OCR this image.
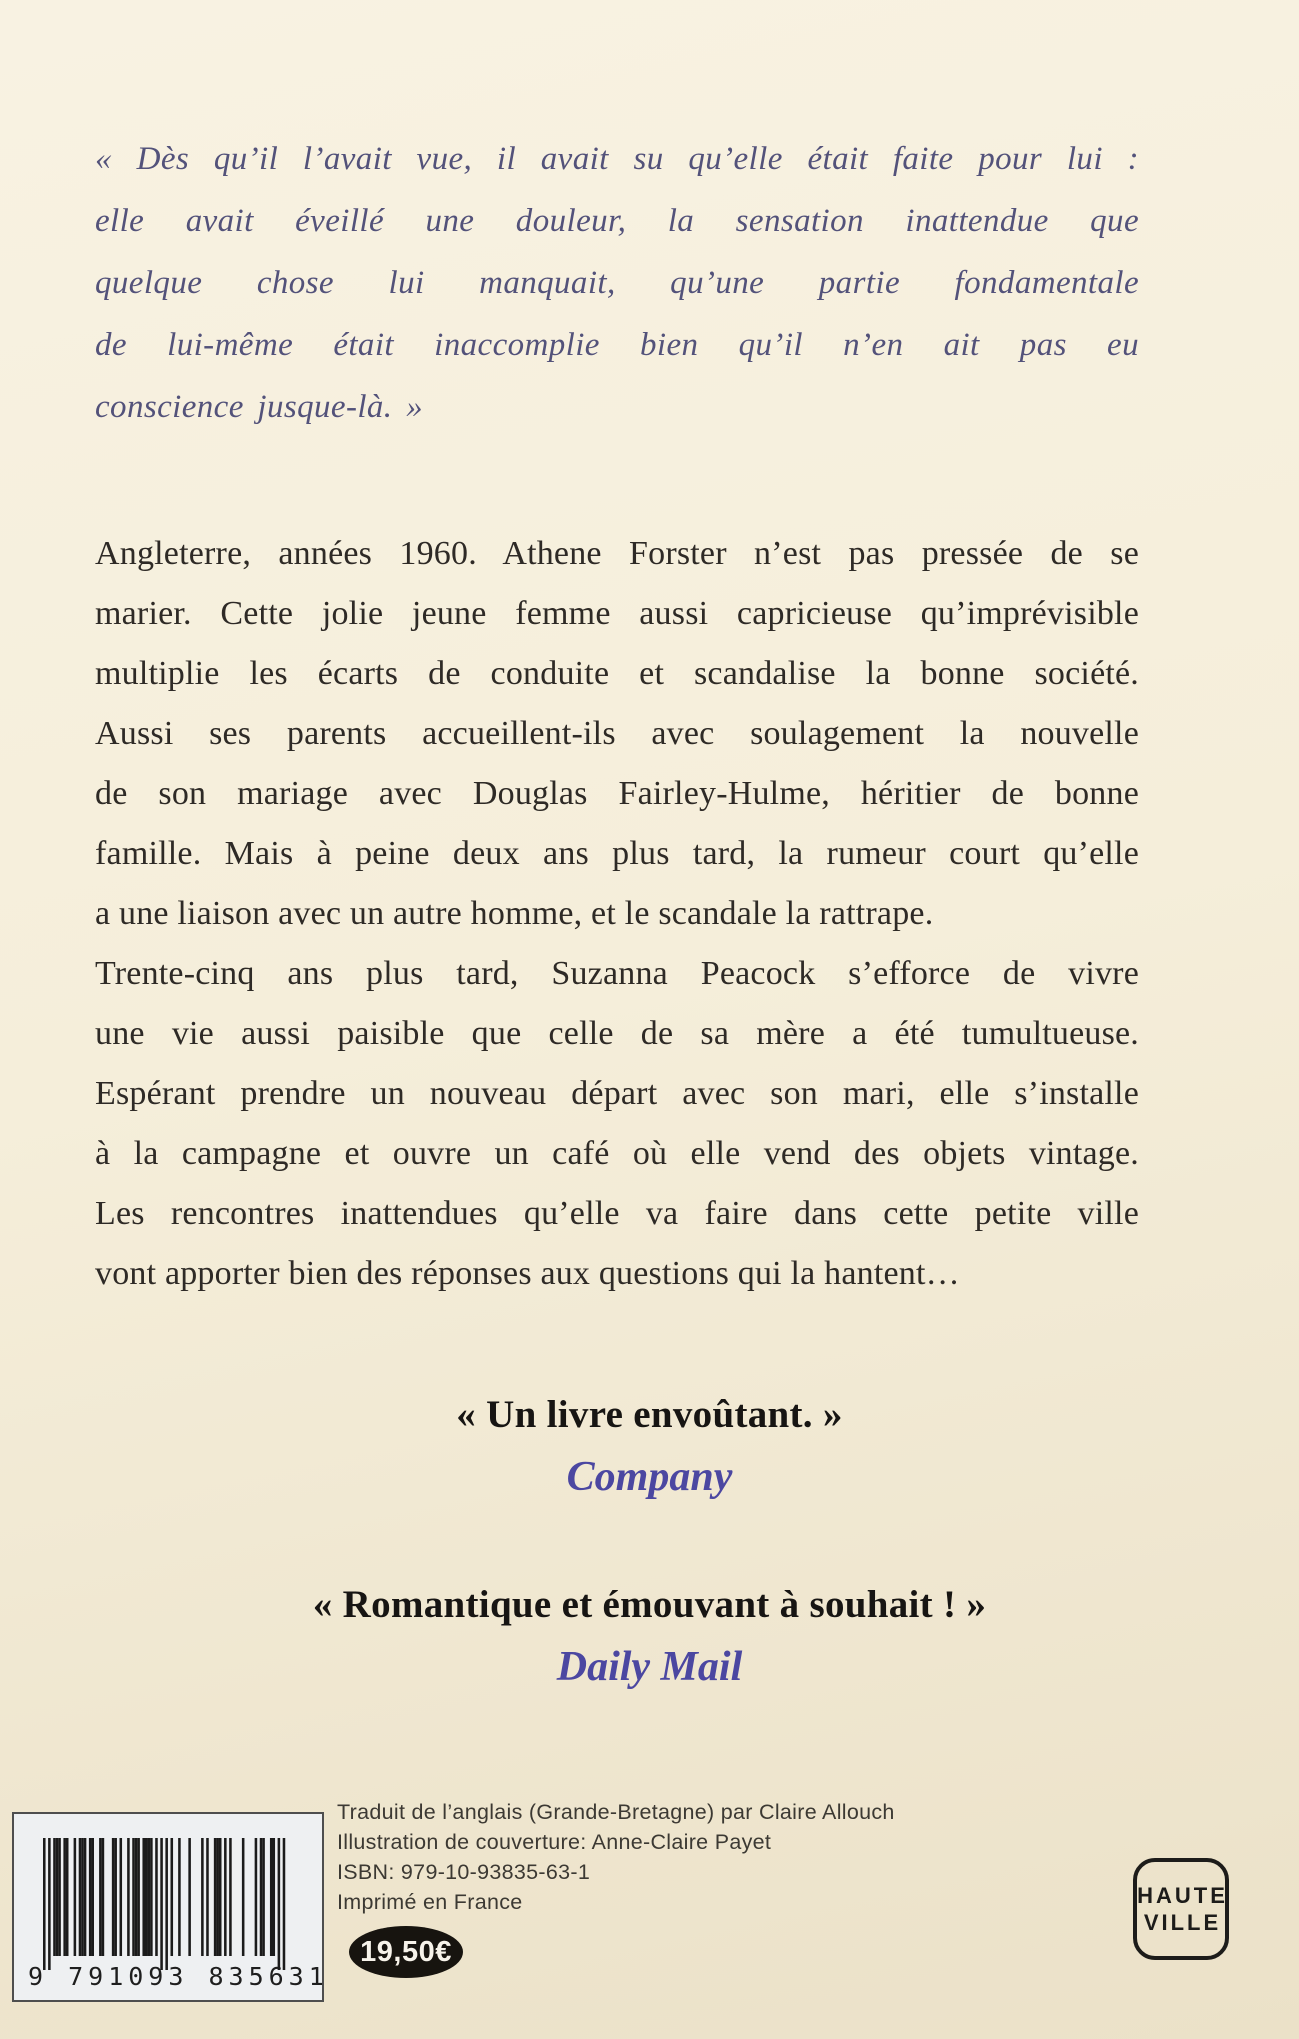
« Dès qu’il l’avait vue, il avait su qu’elle était faite pour lui :
elle avait éveillé une douleur, la sensation inattendue que
quelque chose lui manquait, qu’une partie fondamentale
de lui-même était inaccomplie bien qu’il n’en ait pas eu
conscience jusque-là. »
Angleterre, années 1960. Athene Forster n’est pas pressée de se
marier. Cette jolie jeune femme aussi capricieuse qu’imprévisible
multiplie les écarts de conduite et scandalise la bonne société.
Aussi ses parents accueillent-ils avec soulagement la nouvelle
de son mariage avec Douglas Fairley-Hulme, héritier de bonne
famille. Mais à peine deux ans plus tard, la rumeur court qu’elle
a une liaison avec un autre homme, et le scandale la rattrape.
Trente-cinq ans plus tard, Suzanna Peacock s’efforce de vivre
une vie aussi paisible que celle de sa mère a été tumultueuse.
Espérant prendre un nouveau départ avec son mari, elle s’installe
à la campagne et ouvre un café où elle vend des objets vintage.
Les rencontres inattendues qu’elle va faire dans cette petite ville
vont apporter bien des réponses aux questions qui la hantent…
« Un livre envoûtant. »
Company
« Romantique et émouvant à souhait ! »
Daily Mail
Traduit de l’anglais (Grande-Bretagne) par Claire Allouch
Illustration de couverture: Anne-Claire Payet
ISBN: 979-10-93835-63-1
Imprimé en France
9 791093 835631
19,50€
HAUTE
VILLE
